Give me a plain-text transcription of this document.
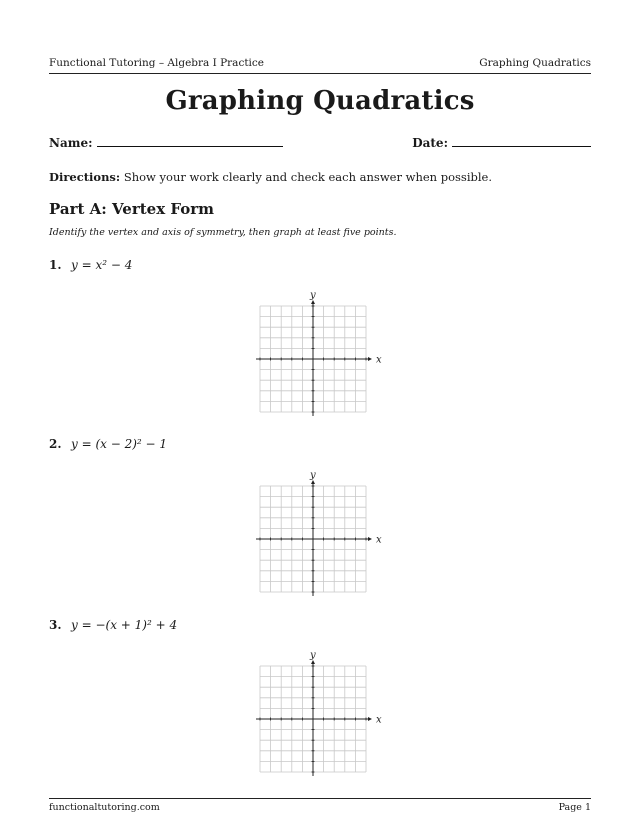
Functional Tutoring – Algebra I Practice	Graphing Quadratics
Graphing Quadratics
Name:	Date:
Directions: Show your work clearly and check each answer when possible.
Part A: Vertex Form
Identify the vertex and axis of symmetry, then graph at least five points.
1. y = x² − 4
x
y
2. y = (x − 2)² − 1
x
y
3. y = −(x + 1)² + 4
x
y
functionaltutoring.com	Page 1
